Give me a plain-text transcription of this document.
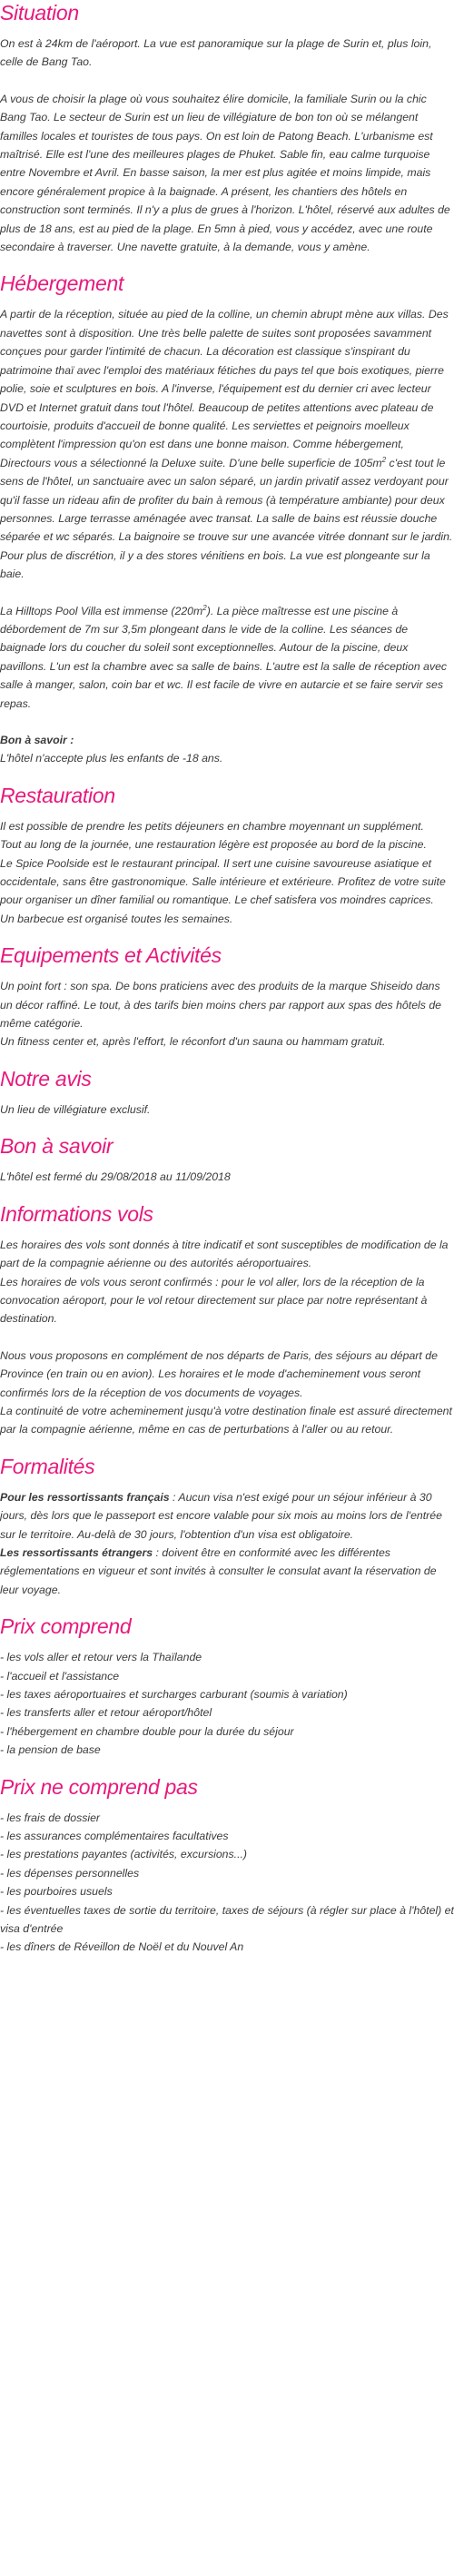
Situation

On est à 24km de l'aéroport. La vue est panoramique sur la plage de Surin et, plus loin, celle de Bang Tao.

A vous de choisir la plage où vous souhaitez élire domicile, la familiale Surin ou la chic Bang Tao. Le secteur de Surin est un lieu de villégiature de bon ton où se mélangent familles locales et touristes de tous pays. On est loin de Patong Beach. L'urbanisme est maîtrisé. Elle est l'une des meilleures plages de Phuket. Sable fin, eau calme turquoise entre Novembre et Avril. En basse saison, la mer est plus agitée et moins limpide, mais encore généralement propice à la baignade. A présent, les chantiers des hôtels en construction sont terminés. Il n'y a plus de grues à l'horizon. L'hôtel, réservé aux adultes de plus de 18 ans, est au pied de la plage. En 5mn à pied, vous y accédez, avec une route secondaire à traverser. Une navette gratuite, à la demande, vous y amène.

Hébergement

A partir de la réception, située au pied de la colline, un chemin abrupt mène aux villas. Des navettes sont à disposition. Une très belle palette de suites sont proposées savamment conçues pour garder l'intimité de chacun. La décoration est classique s'inspirant du patrimoine thaï avec l'emploi des matériaux fétiches du pays tel que bois exotiques, pierre polie, soie et sculptures en bois. A l'inverse, l'équipement est du dernier cri avec lecteur DVD et Internet gratuit dans tout l'hôtel. Beaucoup de petites attentions avec plateau de courtoisie, produits d'accueil de bonne qualité. Les serviettes et peignoirs moelleux complètent l'impression qu'on est dans une bonne maison. Comme hébergement, Directours vous a sélectionné la Deluxe suite. D'une belle superficie de $105m^2$ c'est tout le sens de l'hôtel, un sanctuaire avec un salon séparé, un jardin privatif assez verdoyant pour qu'il fasse un rideau afin de profiter du bain à remous (à température ambiante) pour deux personnes. Large terrasse aménagée avec transat. La salle de bains est réussie douche séparée et wc séparés. La baignoire se trouve sur une avancée vitrée donnant sur le jardin. Pour plus de discrétion, il y a des stores vénitiens en bois. La vue est plongeante sur la baie.

La Hilltops Pool Villa est immense $(220m^2)$. La pièce maîtresse est une piscine à débordement de 7m sur 3,5m plongeant dans le vide de la colline. Les séances de baignade lors du coucher du soleil sont exceptionnelles. Autour de la piscine, deux pavillons. L'un est la chambre avec sa salle de bains. L'autre est la salle de réception avec salle à manger, salon, coin bar et wc. Il est facile de vivre en autarcie et se faire servir ses repas.

Bon à savoir :

L'hôtel n'accepte plus les enfants de -18 ans.

Restauration

Il est possible de prendre les petits déjeuners en chambre moyennant un supplément.

Tout au long de la journée, une restauration légère est proposée au bord de la piscine.

Le Spice Poolside est le restaurant principal. Il sert une cuisine savoureuse asiatique et occidentale, sans être gastronomique. Salle intérieure et extérieure. Profitez de votre suite pour organiser un dîner familial ou romantique. Le chef satisfera vos moindres caprices.

Un barbecue est organisé toutes les semaines.

Equipements et Activités

Un point fort : son spa. De bons praticiens avec des produits de la marque Shiseido dans un décor raffiné. Le tout, à des tarifs bien moins chers par rapport aux spas des hôtels de même catégorie.

Un fitness center et, après l'effort, le réconfort d'un sauna ou hammam gratuit.

Notre avis

Un lieu de villégiature exclusif.

Bon à savoir

L'hôtel est fermé du 29/08/2018 au 11/09/2018

Informations vols

Les horaires des vols sont donnés à titre indicatif et sont susceptibles de modification de la part de la compagnie aérienne ou des autorités aéroportuaires.

Les horaires de vols vous seront confirmés : pour le vol aller, lors de la réception de la convocation aéroport, pour le vol retour directement sur place par notre représentant à destination.

Nous vous proposons en complément de nos départs de Paris, des séjours au départ de Province (en train ou en avion). Les horaires et le mode d'acheminement vous seront confirmés lors de la réception de vos documents de voyages.

La continuité de votre acheminement jusqu'à votre destination finale est assuré directement par la compagnie aérienne, même en cas de perturbations à l'aller ou au retour.

Formalités

Pour les ressortissants français : Aucun visa n'est exigé pour un séjour inférieur à 30 jours, dès lors que le passeport est encore valable pour six mois au moins lors de l'entrée sur le territoire. Au-delà de 30 jours, l'obtention d'un visa est obligatoire.

Les ressortissants étrangers : doivent être en conformité avec les différentes réglementations en vigueur et sont invités à consulter le consulat avant la réservation de leur voyage.

Prix comprend
- les vols aller et retour vers la Thaïlande
- l'accueil et l'assistance
- les taxes aéroportuaires et surcharges carburant (soumis à variation)
- les transferts aller et retour aéroport/hôtel
- l'hébergement en chambre double pour la durée du séjour
- la pension de base
Prix ne comprend pas
- les frais de dossier
- les assurances complémentaires facultatives
- les prestations payantes (activités, excursions...)
- les dépenses personnelles
- les pourboires usuels
- les éventuelles taxes de sortie du territoire, taxes de séjours (à régler sur place à l'hôtel) et visa d'entrée
- les dîners de Réveillon de Noël et du Nouvel An
